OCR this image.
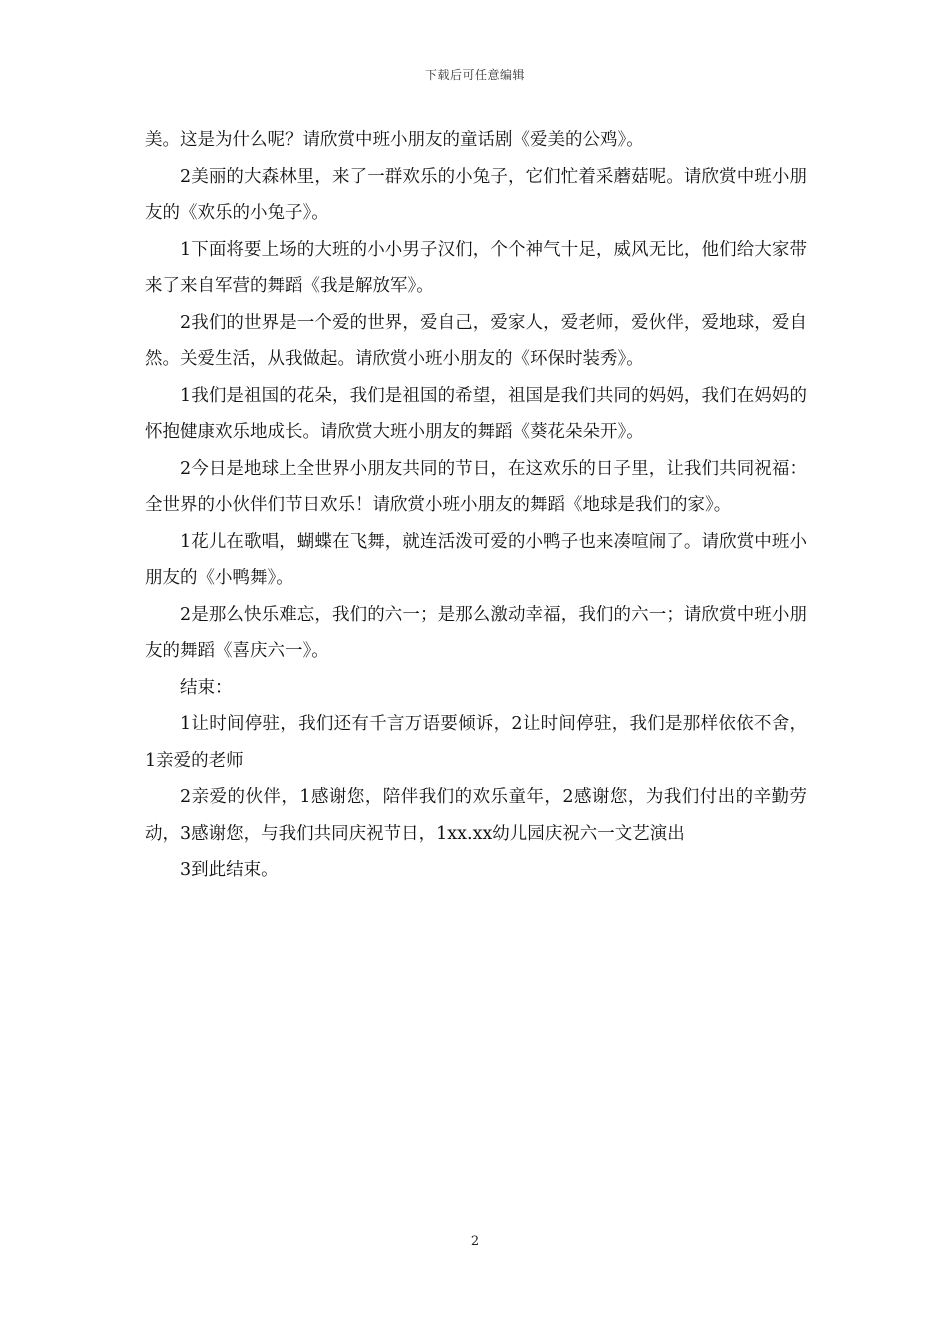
下载后可任意编辑

美。这是为什么呢？请欣赏中班小朋友的童话剧《爱美的公鸡》。

2美丽的大森林里，来了一群欢乐的小兔子，它们忙着采蘑菇呢。请欣赏中班小朋友的《欢乐的小兔子》。

1下面将要上场的大班的小小男子汉们，个个神气十足，威风无比，他们给大家带来了来自军营的舞蹈《我是解放军》。

2我们的世界是一个爱的世界，爱自己，爱家人，爱老师，爱伙伴，爱地球，爱自然。关爱生活，从我做起。请欣赏小班小朋友的《环保时装秀》。

1我们是祖国的花朵，我们是祖国的希望，祖国是我们共同的妈妈，我们在妈妈的怀抱健康欢乐地成长。请欣赏大班小朋友的舞蹈《葵花朵朵开》。

2今日是地球上全世界小朋友共同的节日，在这欢乐的日子里，让我们共同祝福：全世界的小伙伴们节日欢乐！请欣赏小班小朋友的舞蹈《地球是我们的家》。

1花儿在歌唱，蝴蝶在飞舞，就连活泼可爱的小鸭子也来凑喧闹了。请欣赏中班小朋友的《小鸭舞》。

2是那么快乐难忘，我们的六一；是那么激动幸福，我们的六一；请欣赏中班小朋友的舞蹈《喜庆六一》。

结束：

1让时间停驻，我们还有千言万语要倾诉，2让时间停驻，我们是那样依依不舍，1亲爱的老师

2亲爱的伙伴，1感谢您，陪伴我们的欢乐童年，2感谢您，为我们付出的辛勤劳动，3感谢您，与我们共同庆祝节日，1xx.xx幼儿园庆祝六一文艺演出

3到此结束。

2
